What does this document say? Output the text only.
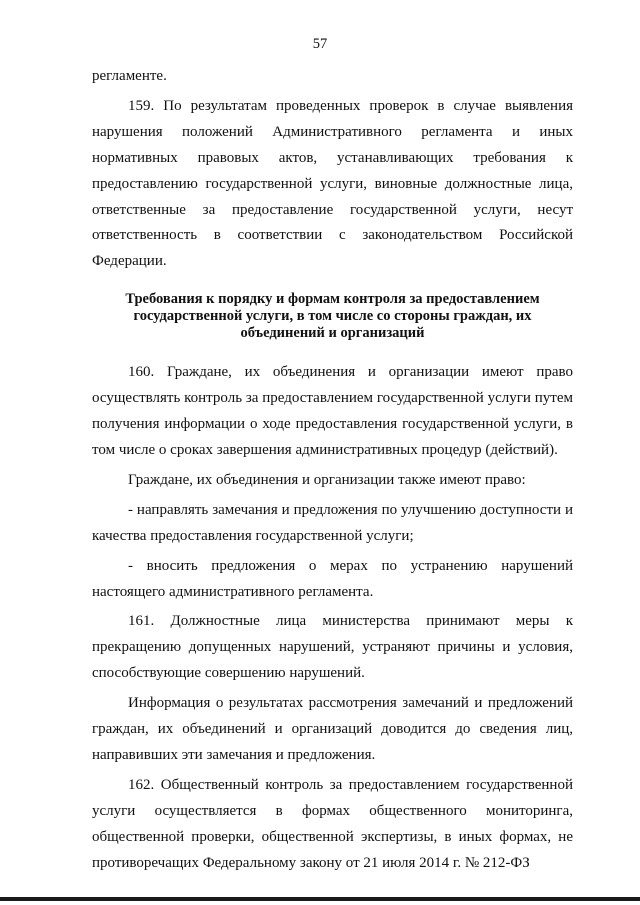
57

регламенте.

159. По результатам проведенных проверок в случае выявления нарушения положений Административного регламента и иных нормативных правовых актов, устанавливающих требования к предоставлению государственной услуги, виновные должностные лица, ответственные за предоставление государственной услуги, несут ответственность в соответствии с законодательством Российской Федерации.

Требования к порядку и формам контроля за предоставлением
государственной услуги, в том числе со стороны граждан, их
объединений и организаций

160. Граждане, их объединения и организации имеют право осуществлять контроль за предоставлением государственной услуги путем получения информации о ходе предоставления государственной услуги, в том числе о сроках завершения административных процедур (действий).

Граждане, их объединения и организации также имеют право:

- направлять замечания и предложения по улучшению доступности и качества предоставления государственной услуги;

- вносить предложения о мерах по устранению нарушений настоящего административного регламента.

161. Должностные лица министерства принимают меры к прекращению допущенных нарушений, устраняют причины и условия, способствующие совершению нарушений.

Информация о результатах рассмотрения замечаний и предложений граждан, их объединений и организаций доводится до сведения лиц, направивших эти замечания и предложения.

162. Общественный контроль за предоставлением государственной услуги осуществляется в формах общественного мониторинга, общественной проверки, общественной экспертизы, в иных формах, не противоречащих Федеральному закону от 21 июля 2014 г. № 212-ФЗ
